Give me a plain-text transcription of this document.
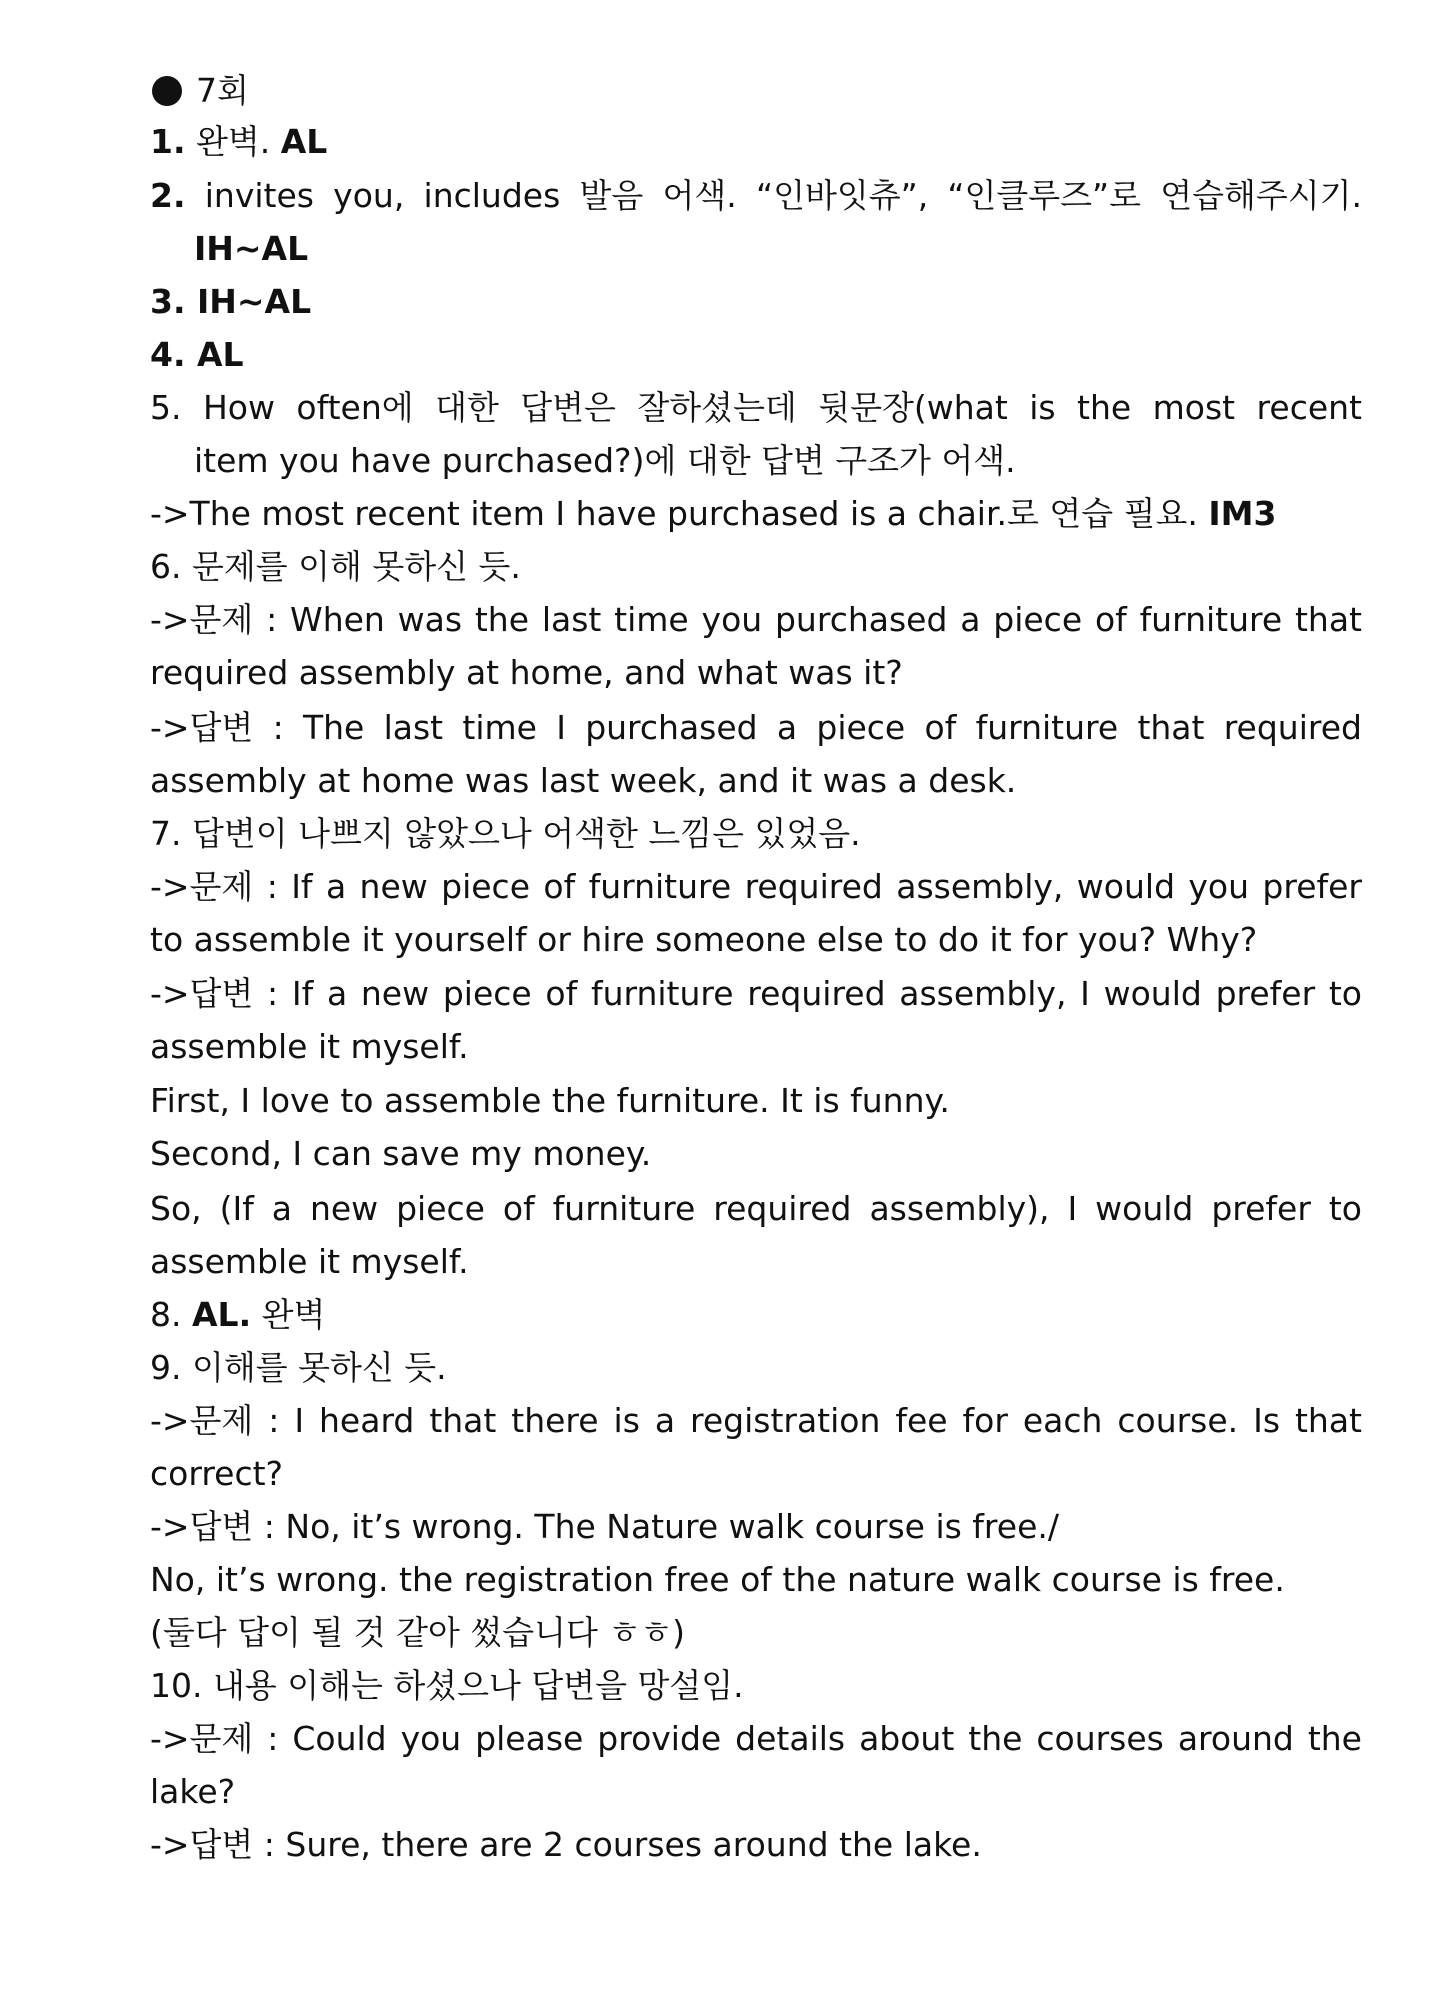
7회
1. 완벽. AL
2. invites you, includes 발음 어색. “인바잇츄”, “인클루즈”로 연습해주시기.
IH~AL
3. IH~AL
4. AL
5. How often에 대한 답변은 잘하셨는데 뒷문장(what is the most recent
item you have purchased?)에 대한 답변 구조가 어색.
->The most recent item I have purchased is a chair.로 연습 필요. IM3
6. 문제를 이해 못하신 듯.
->문제 : When was the last time you purchased a piece of furniture that
required assembly at home, and what was it?
->답변 : The last time I purchased a piece of furniture that required
assembly at home was last week, and it was a desk.
7. 답변이 나쁘지 않았으나 어색한 느낌은 있었음.
->문제 : If a new piece of furniture required assembly, would you prefer
to assemble it yourself or hire someone else to do it for you? Why?
->답변 : If a new piece of furniture required assembly, I would prefer to
assemble it myself.
First, I love to assemble the furniture. It is funny.
Second, I can save my money.
So, (If a new piece of furniture required assembly), I would prefer to
assemble it myself.
8. AL. 완벽
9. 이해를 못하신 듯.
->문제 : I heard that there is a registration fee for each course. Is that
correct?
->답변 : No, it’s wrong. The Nature walk course is free./
No, it’s wrong. the registration free of the nature walk course is free.
(둘다 답이 될 것 같아 썼습니다 ㅎㅎ)
10. 내용 이해는 하셨으나 답변을 망설임.
->문제 : Could you please provide details about the courses around the
lake?
->답변 : Sure, there are 2 courses around the lake.
